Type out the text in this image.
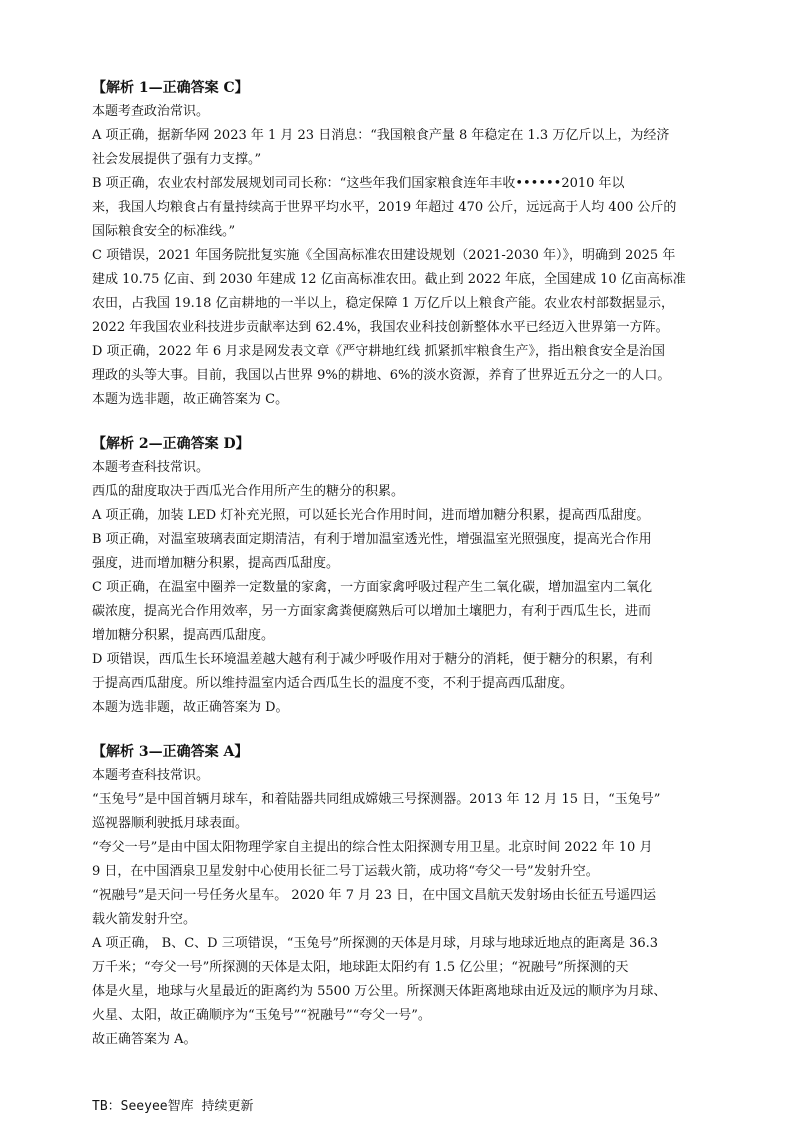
【解析 1—正确答案 C】

本题考查政治常识。

A 项正确，据新华网 2023 年 1 月 23 日消息：“我国粮食产量 8 年稳定在 1.3 万亿斤以上，为经济

社会发展提供了强有力支撑。”

B 项正确，农业农村部发展规划司司长称：“这些年我们国家粮食连年丰收••••••2010 年以

来，我国人均粮食占有量持续高于世界平均水平，2019 年超过 470 公斤，远远高于人均 400 公斤的

国际粮食安全的标准线。”

C 项错误，2021 年国务院批复实施《全国高标准农田建设规划（2021-2030 年）》，明确到 2025 年

建成 10.75 亿亩、到 2030 年建成 12 亿亩高标准农田。截止到 2022 年底，全国建成 10 亿亩高标准

农田，占我国 19.18 亿亩耕地的一半以上，稳定保障 1 万亿斤以上粮食产能。农业农村部数据显示，

2022 年我国农业科技进步贡献率达到 62.4%，我国农业科技创新整体水平已经迈入世界第一方阵。

D 项正确，2022 年 6 月求是网发表文章《严守耕地红线 抓紧抓牢粮食生产》，指出粮食安全是治国

理政的头等大事。目前，我国以占世界 9%的耕地、6%的淡水资源，养育了世界近五分之一的人口。

本题为选非题，故正确答案为 C。

【解析 2—正确答案 D】

本题考查科技常识。

西瓜的甜度取决于西瓜光合作用所产生的糖分的积累。

A 项正确，加装 LED 灯补充光照，可以延长光合作用时间，进而增加糖分积累，提高西瓜甜度。

B 项正确，对温室玻璃表面定期清洁，有利于增加温室透光性，增强温室光照强度，提高光合作用

强度，进而增加糖分积累，提高西瓜甜度。

C 项正确，在温室中圈养一定数量的家禽，一方面家禽呼吸过程产生二氧化碳，增加温室内二氧化

碳浓度，提高光合作用效率，另一方面家禽粪便腐熟后可以增加土壤肥力，有利于西瓜生长，进而

增加糖分积累，提高西瓜甜度。

D 项错误，西瓜生长环境温差越大越有利于减少呼吸作用对于糖分的消耗，便于糖分的积累，有利

于提高西瓜甜度。所以维持温室内适合西瓜生长的温度不变，不利于提高西瓜甜度。

本题为选非题，故正确答案为 D。

【解析 3—正确答案 A】

本题考查科技常识。

“玉兔号”是中国首辆月球车，和着陆器共同组成嫦娥三号探测器。2013 年 12 月 15 日，“玉兔号”

巡视器顺利驶抵月球表面。

“夸父一号”是由中国太阳物理学家自主提出的综合性太阳探测专用卫星。北京时间 2022 年 10 月

9 日，在中国酒泉卫星发射中心使用长征二号丁运载火箭，成功将“夸父一号”发射升空。

“祝融号”是天问一号任务火星车。 2020 年 7 月 23 日，在中国文昌航天发射场由长征五号遥四运

载火箭发射升空。

A 项正确， B、C、D 三项错误，“玉兔号”所探测的天体是月球，月球与地球近地点的距离是 36.3

万千米；“夸父一号”所探测的天体是太阳，地球距太阳约有 1.5 亿公里；“祝融号”所探测的天

体是火星，地球与火星最近的距离约为 5500 万公里。所探测天体距离地球由近及远的顺序为月球、

火星、太阳，故正确顺序为“玉兔号”“祝融号”“夸父一号”。

故正确答案为 A。

TB：Seeyee智库 持续更新
